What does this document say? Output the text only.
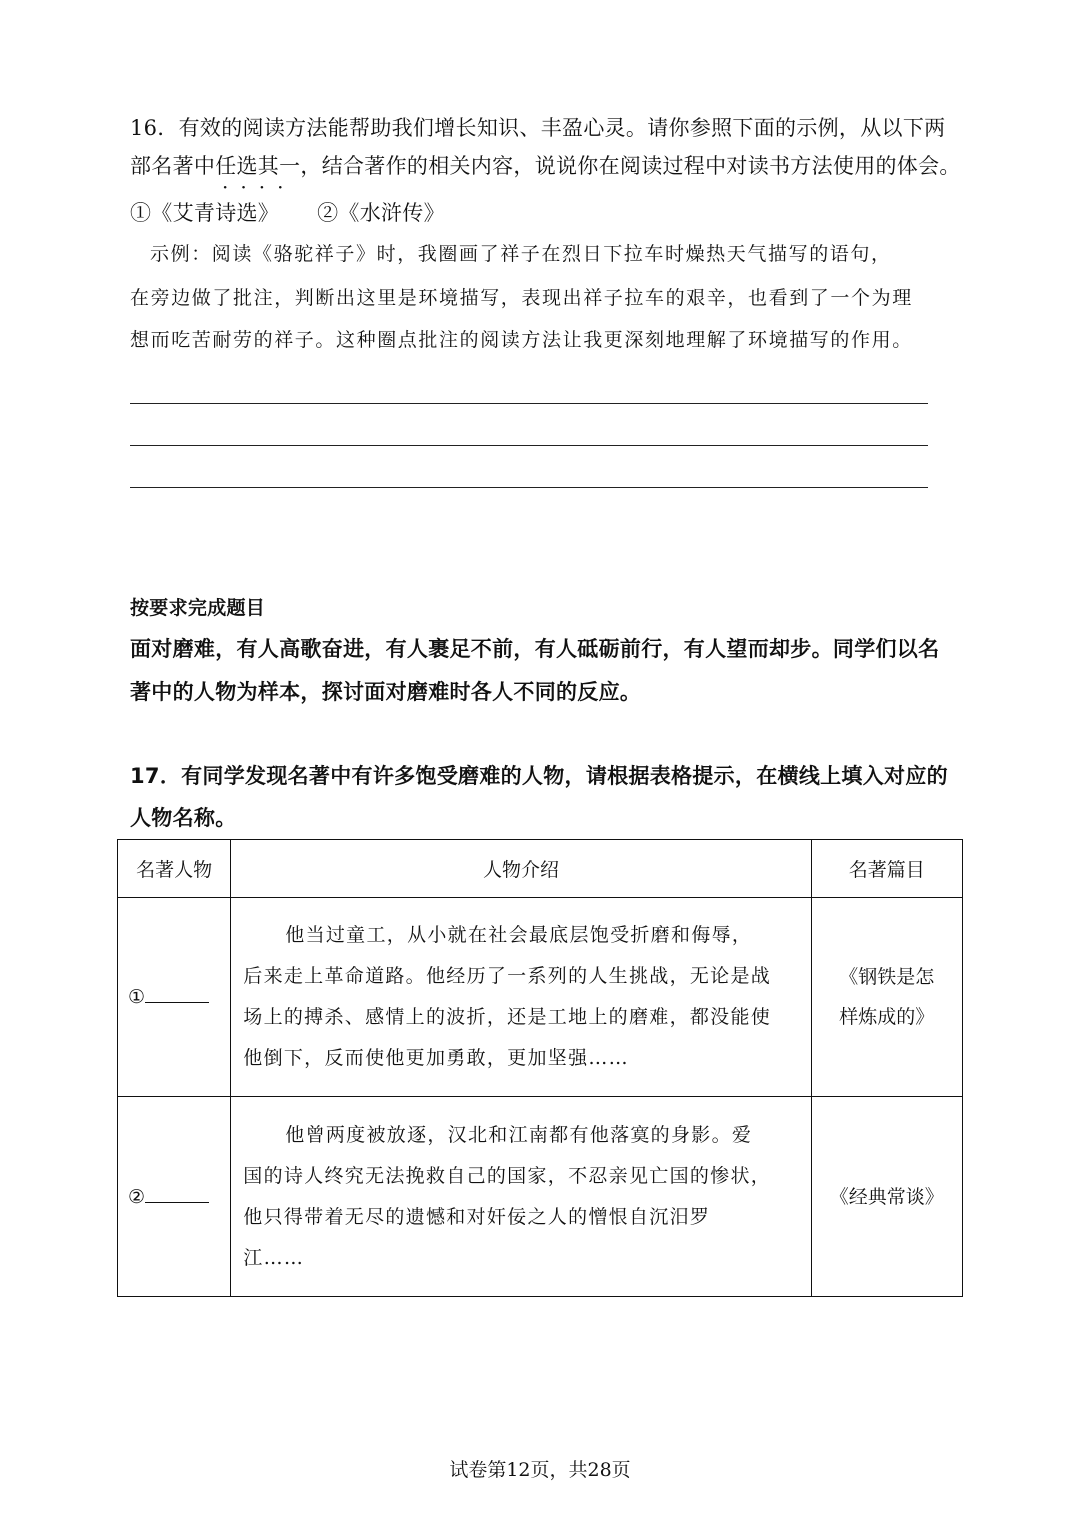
16．有效的阅读方法能帮助我们增长知识、丰盈心灵。请你参照下面的示例，从以下两
部名著中任选其一，结合著作的相关内容，说说你在阅读过程中对读书方法使用的体会。
····
①《艾青诗选》 ②《水浒传》
示例：阅读《骆驼祥子》时，我圈画了祥子在烈日下拉车时燥热天气描写的语句，
在旁边做了批注，判断出这里是环境描写，表现出祥子拉车的艰辛，也看到了一个为理
想而吃苦耐劳的祥子。这种圈点批注的阅读方法让我更深刻地理解了环境描写的作用。
按要求完成题目
面对磨难，有人高歌奋进，有人裹足不前，有人砥砺前行，有人望而却步。同学们以名
著中的人物为样本，探讨面对磨难时各人不同的反应。
17．有同学发现名著中有许多饱受磨难的人物，请根据表格提示，在横线上填入对应的
人物名称。
名著人物	人物介绍	名著篇目
①	他当过童工，从小就在社会最底层饱受折磨和侮辱，
后来走上革命道路。他经历了一系列的人生挑战，无论是战
场上的搏杀、感情上的波折，还是工地上的磨难，都没能使
他倒下，反而使他更加勇敢，更加坚强……	《钢铁是怎
样炼成的》
②	他曾两度被放逐，汉北和江南都有他落寞的身影。爱
国的诗人终究无法挽救自己的国家，不忍亲见亡国的惨状，
他只得带着无尽的遗憾和对奸佞之人的憎恨自沉汨罗
江……	《经典常谈》
试卷第12页，共28页
